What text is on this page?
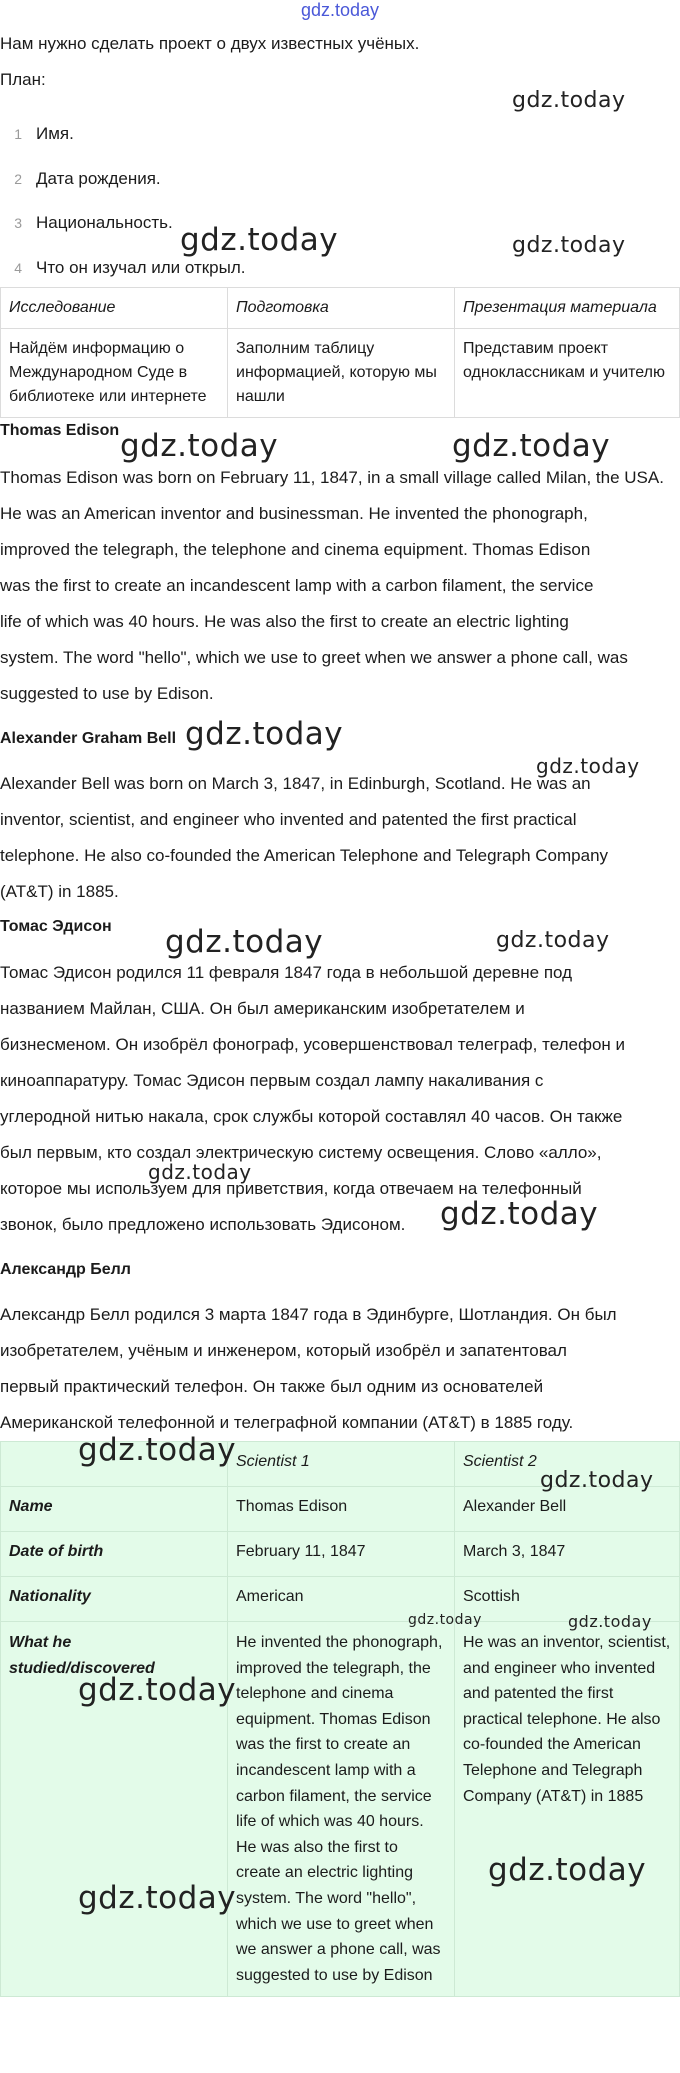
gdz.today
Нам нужно сделать проект о двух известных учёных.
План:
1 Имя.
2 Дата рождения.
3 Национальность.
4 Что он изучал или открыл.
Исследование	Подготовка	Презентация материала
Найдём информацию о Международном Суде в библиотеке или интернете	Заполним таблицу информацией, которую мы нашли	Представим проект одноклассникам и учителю
Thomas Edison
Thomas Edison was born on February 11, 1847, in a small village called Milan, the USA.
He was an American inventor and businessman. He invented the phonograph,
improved the telegraph, the telephone and cinema equipment. Thomas Edison
was the first to create an incandescent lamp with a carbon filament, the service
life of which was 40 hours. He was also the first to create an electric lighting
system. The word "hello", which we use to greet when we answer a phone call, was
suggested to use by Edison.
Alexander Graham Bell
Alexander Bell was born on March 3, 1847, in Edinburgh, Scotland. He was an
inventor, scientist, and engineer who invented and patented the first practical
telephone. He also co-founded the American Telephone and Telegraph Company
(AT&T) in 1885.
Томас Эдисон
Томас Эдисон родился 11 февраля 1847 года в небольшой деревне под
названием Майлан, США. Он был американским изобретателем и
бизнесменом. Он изобрёл фонограф, усовершенствовал телеграф, телефон и
киноаппаратуру. Томас Эдисон первым создал лампу накаливания с
углеродной нитью накала, срок службы которой составлял 40 часов. Он также
был первым, кто создал электрическую систему освещения. Слово «алло»,
которое мы используем для приветствия, когда отвечаем на телефонный
звонок, было предложено использовать Эдисоном.
Александр Белл
Александр Белл родился 3 марта 1847 года в Эдинбурге, Шотландия. Он был
изобретателем, учёным и инженером, который изобрёл и запатентовал
первый практический телефон. Он также был одним из основателей
Американской телефонной и телеграфной компании (AT&T) в 1885 году.
	Scientist 1	Scientist 2
Name	Thomas Edison	Alexander Bell
Date of birth	February 11, 1847	March 3, 1847
Nationality	American	Scottish
What he studied/discovered	He invented the phonograph, improved the telegraph, the telephone and cinema equipment. Thomas Edison was the first to create an incandescent lamp with a carbon filament, the service life of which was 40 hours. He was also the first to create an electric lighting system. The word "hello", which we use to greet when we answer a phone call, was suggested to use by Edison	He was an inventor, scientist, and engineer who invented and patented the first practical telephone. He also co-founded the American Telephone and Telegraph Company (AT&T) in 1885
gdz.today
gdz.today	gdz.today
gdz.today	gdz.today
gdz.today
gdz.today
gdz.today	gdz.today
gdz.today
gdz.today
gdz.today
gdz.today
gdz.today	gdz.today
gdz.today
gdz.today
gdz.today
